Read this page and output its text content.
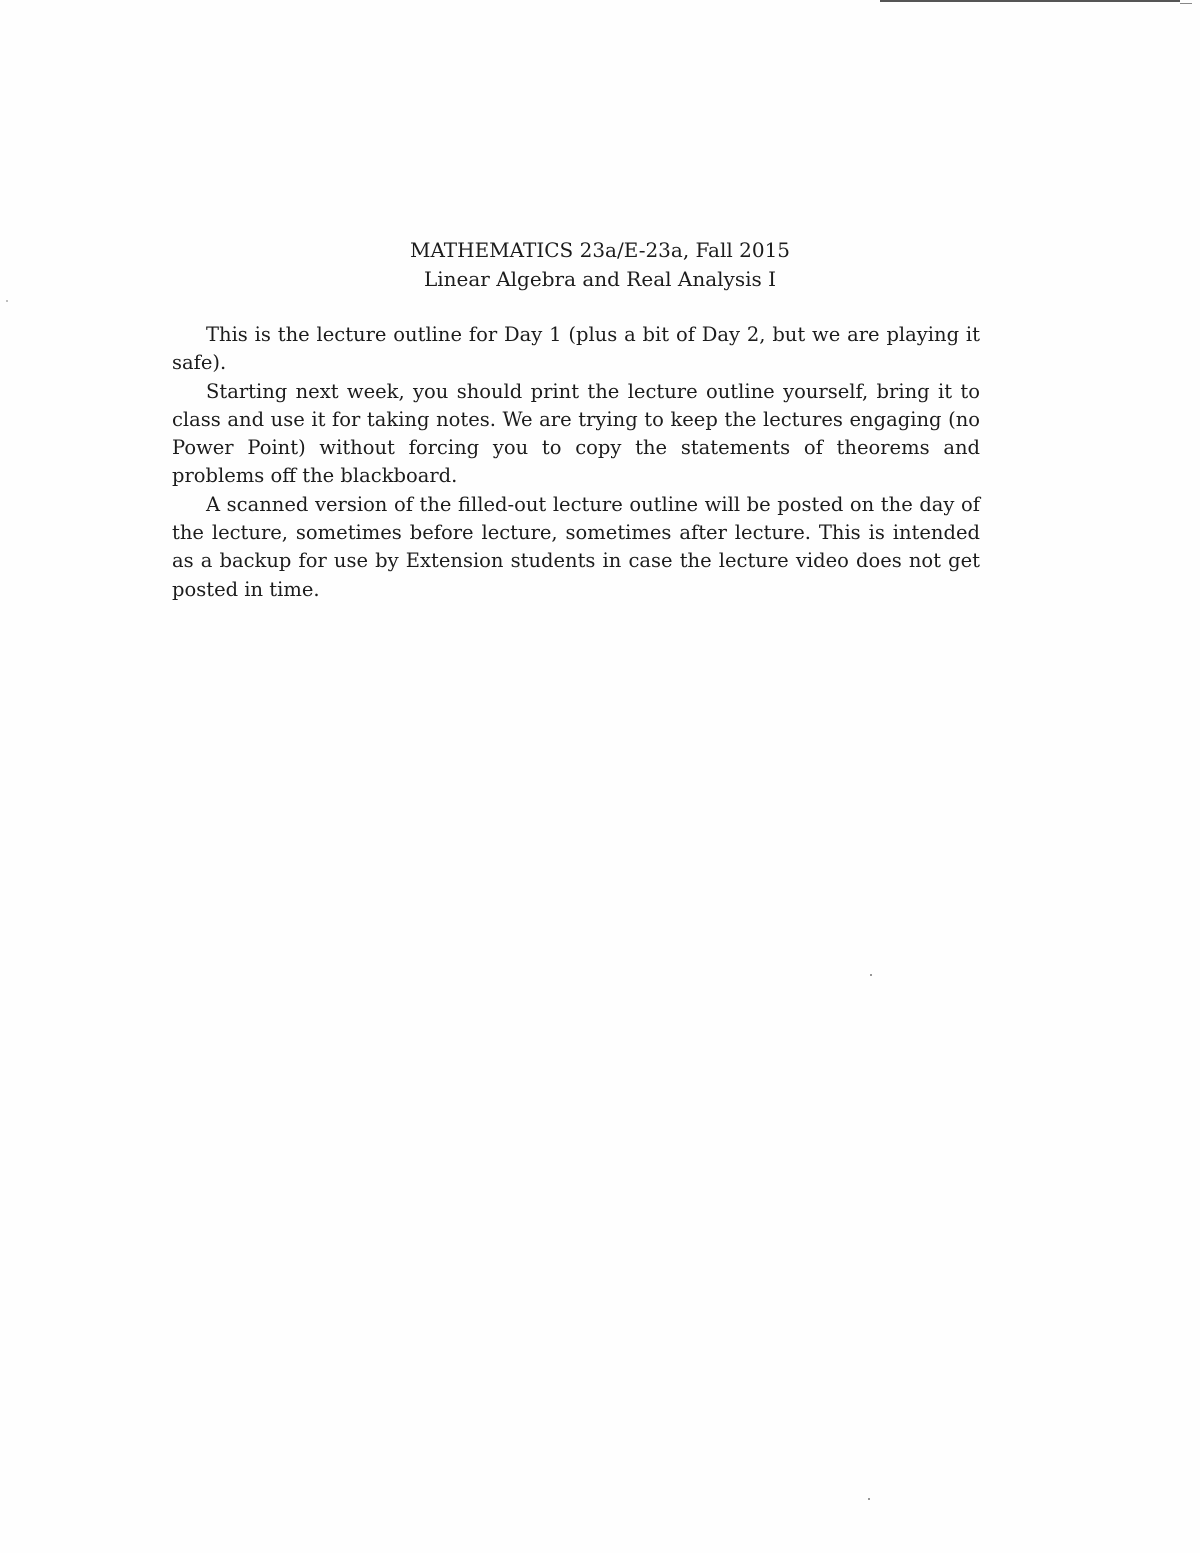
MATHEMATICS 23a/E-23a, Fall 2015
Linear Algebra and Real Analysis I

This is the lecture outline for Day 1 (plus a bit of Day 2, but we are playing it safe).

Starting next week, you should print the lecture outline yourself, bring it to class and use it for taking notes. We are trying to keep the lectures engaging (no Power Point) without forcing you to copy the statements of theorems and problems off the blackboard.

A scanned version of the filled-out lecture outline will be posted on the day of the lecture, sometimes before lecture, sometimes after lecture. This is intended as a backup for use by Extension students in case the lecture video does not get posted in time.
